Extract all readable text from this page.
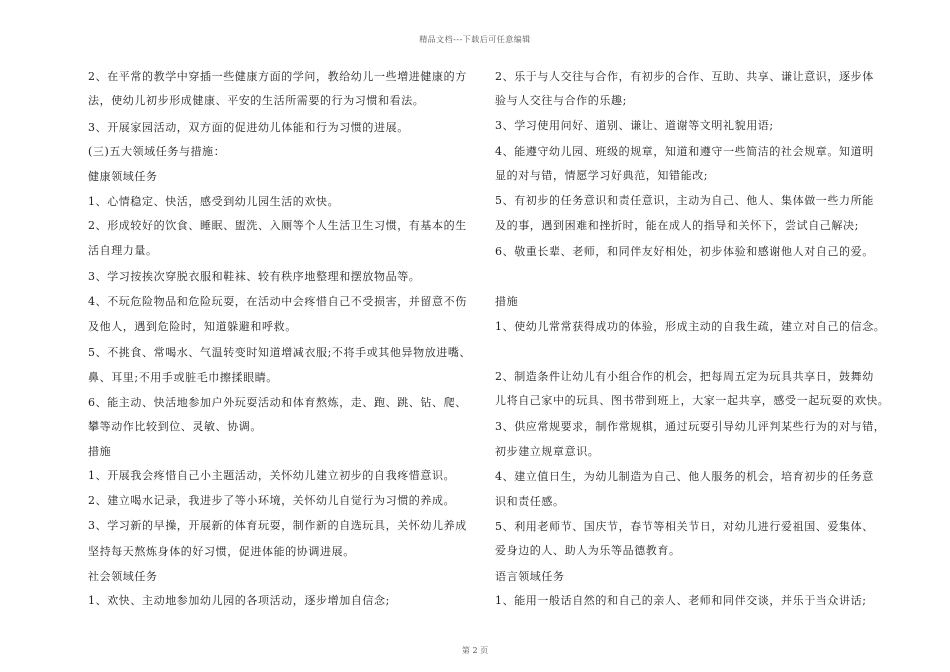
精品文档---下载后可任意编辑
2、在平常的教学中穿插一些健康方面的学问，教给幼儿一些增进健康的方
法，使幼儿初步形成健康、平安的生活所需要的行为习惯和看法。
3、开展家园活动，双方面的促进幼儿体能和行为习惯的进展。
(三)五大领域任务与措施：
健康领域任务
1、心情稳定、快活，感受到幼儿园生活的欢快。
2、形成较好的饮食、睡眠、盥洗、入厕等个人生活卫生习惯，有基本的生
活自理力量。
3、学习按挨次穿脱衣服和鞋袜、较有秩序地整理和摆放物品等。
4、不玩危险物品和危险玩耍，在活动中会疼惜自己不受损害，并留意不伤
及他人，遇到危险时，知道躲避和呼救。
5、不挑食、常喝水、气温转变时知道增减衣服;不将手或其他异物放进嘴、
鼻、耳里;不用手或脏毛巾擦揉眼睛。
6、能主动、快活地参加户外玩耍活动和体育熬炼，走、跑、跳、钻、爬、
攀等动作比较到位、灵敏、协调。
措施
1、开展我会疼惜自己小主题活动，关怀幼儿建立初步的自我疼惜意识。
2、建立喝水记录，我进步了等小环境，关怀幼儿自觉行为习惯的养成。
3、学习新的早操，开展新的体育玩耍，制作新的自选玩具，关怀幼儿养成
坚持每天熬炼身体的好习惯，促进体能的协调进展。
社会领域任务
1、欢快、主动地参加幼儿园的各项活动，逐步增加自信念;
2、乐于与人交往与合作，有初步的合作、互助、共享、谦让意识，逐步体
验与人交往与合作的乐趣;
3、学习使用问好、道别、谦让、道谢等文明礼貌用语;
4、能遵守幼儿园、班级的规章，知道和遵守一些简洁的社会规章。知道明
显的对与错，情愿学习好典范，知错能改;
5、有初步的任务意识和责任意识，主动为自己、他人、集体做一些力所能
及的事，遇到困难和挫折时，能在成人的指导和关怀下，尝试自己解决;
6、敬重长辈、老师，和同伴友好相处，初步体验和感谢他人对自己的爱。
措施
1、使幼儿常常获得成功的体验，形成主动的自我生疏，建立对自己的信念。
2、制造条件让幼儿有小组合作的机会，把每周五定为玩具共享日，鼓舞幼
儿将自己家中的玩具、图书带到班上，大家一起共享，感受一起玩耍的欢快。
3、供应常规要求，制作常规棋，通过玩耍引导幼儿评判某些行为的对与错，
初步建立规章意识。
4、建立值日生，为幼儿制造为自己、他人服务的机会，培育初步的任务意
识和责任感。
5、利用老师节、国庆节，春节等相关节日，对幼儿进行爱祖国、爱集体、
爱身边的人、助人为乐等品德教育。
语言领域任务
1、能用一般话自然的和自己的亲人、老师和同伴交谈，并乐于当众讲话;
第 2 页
